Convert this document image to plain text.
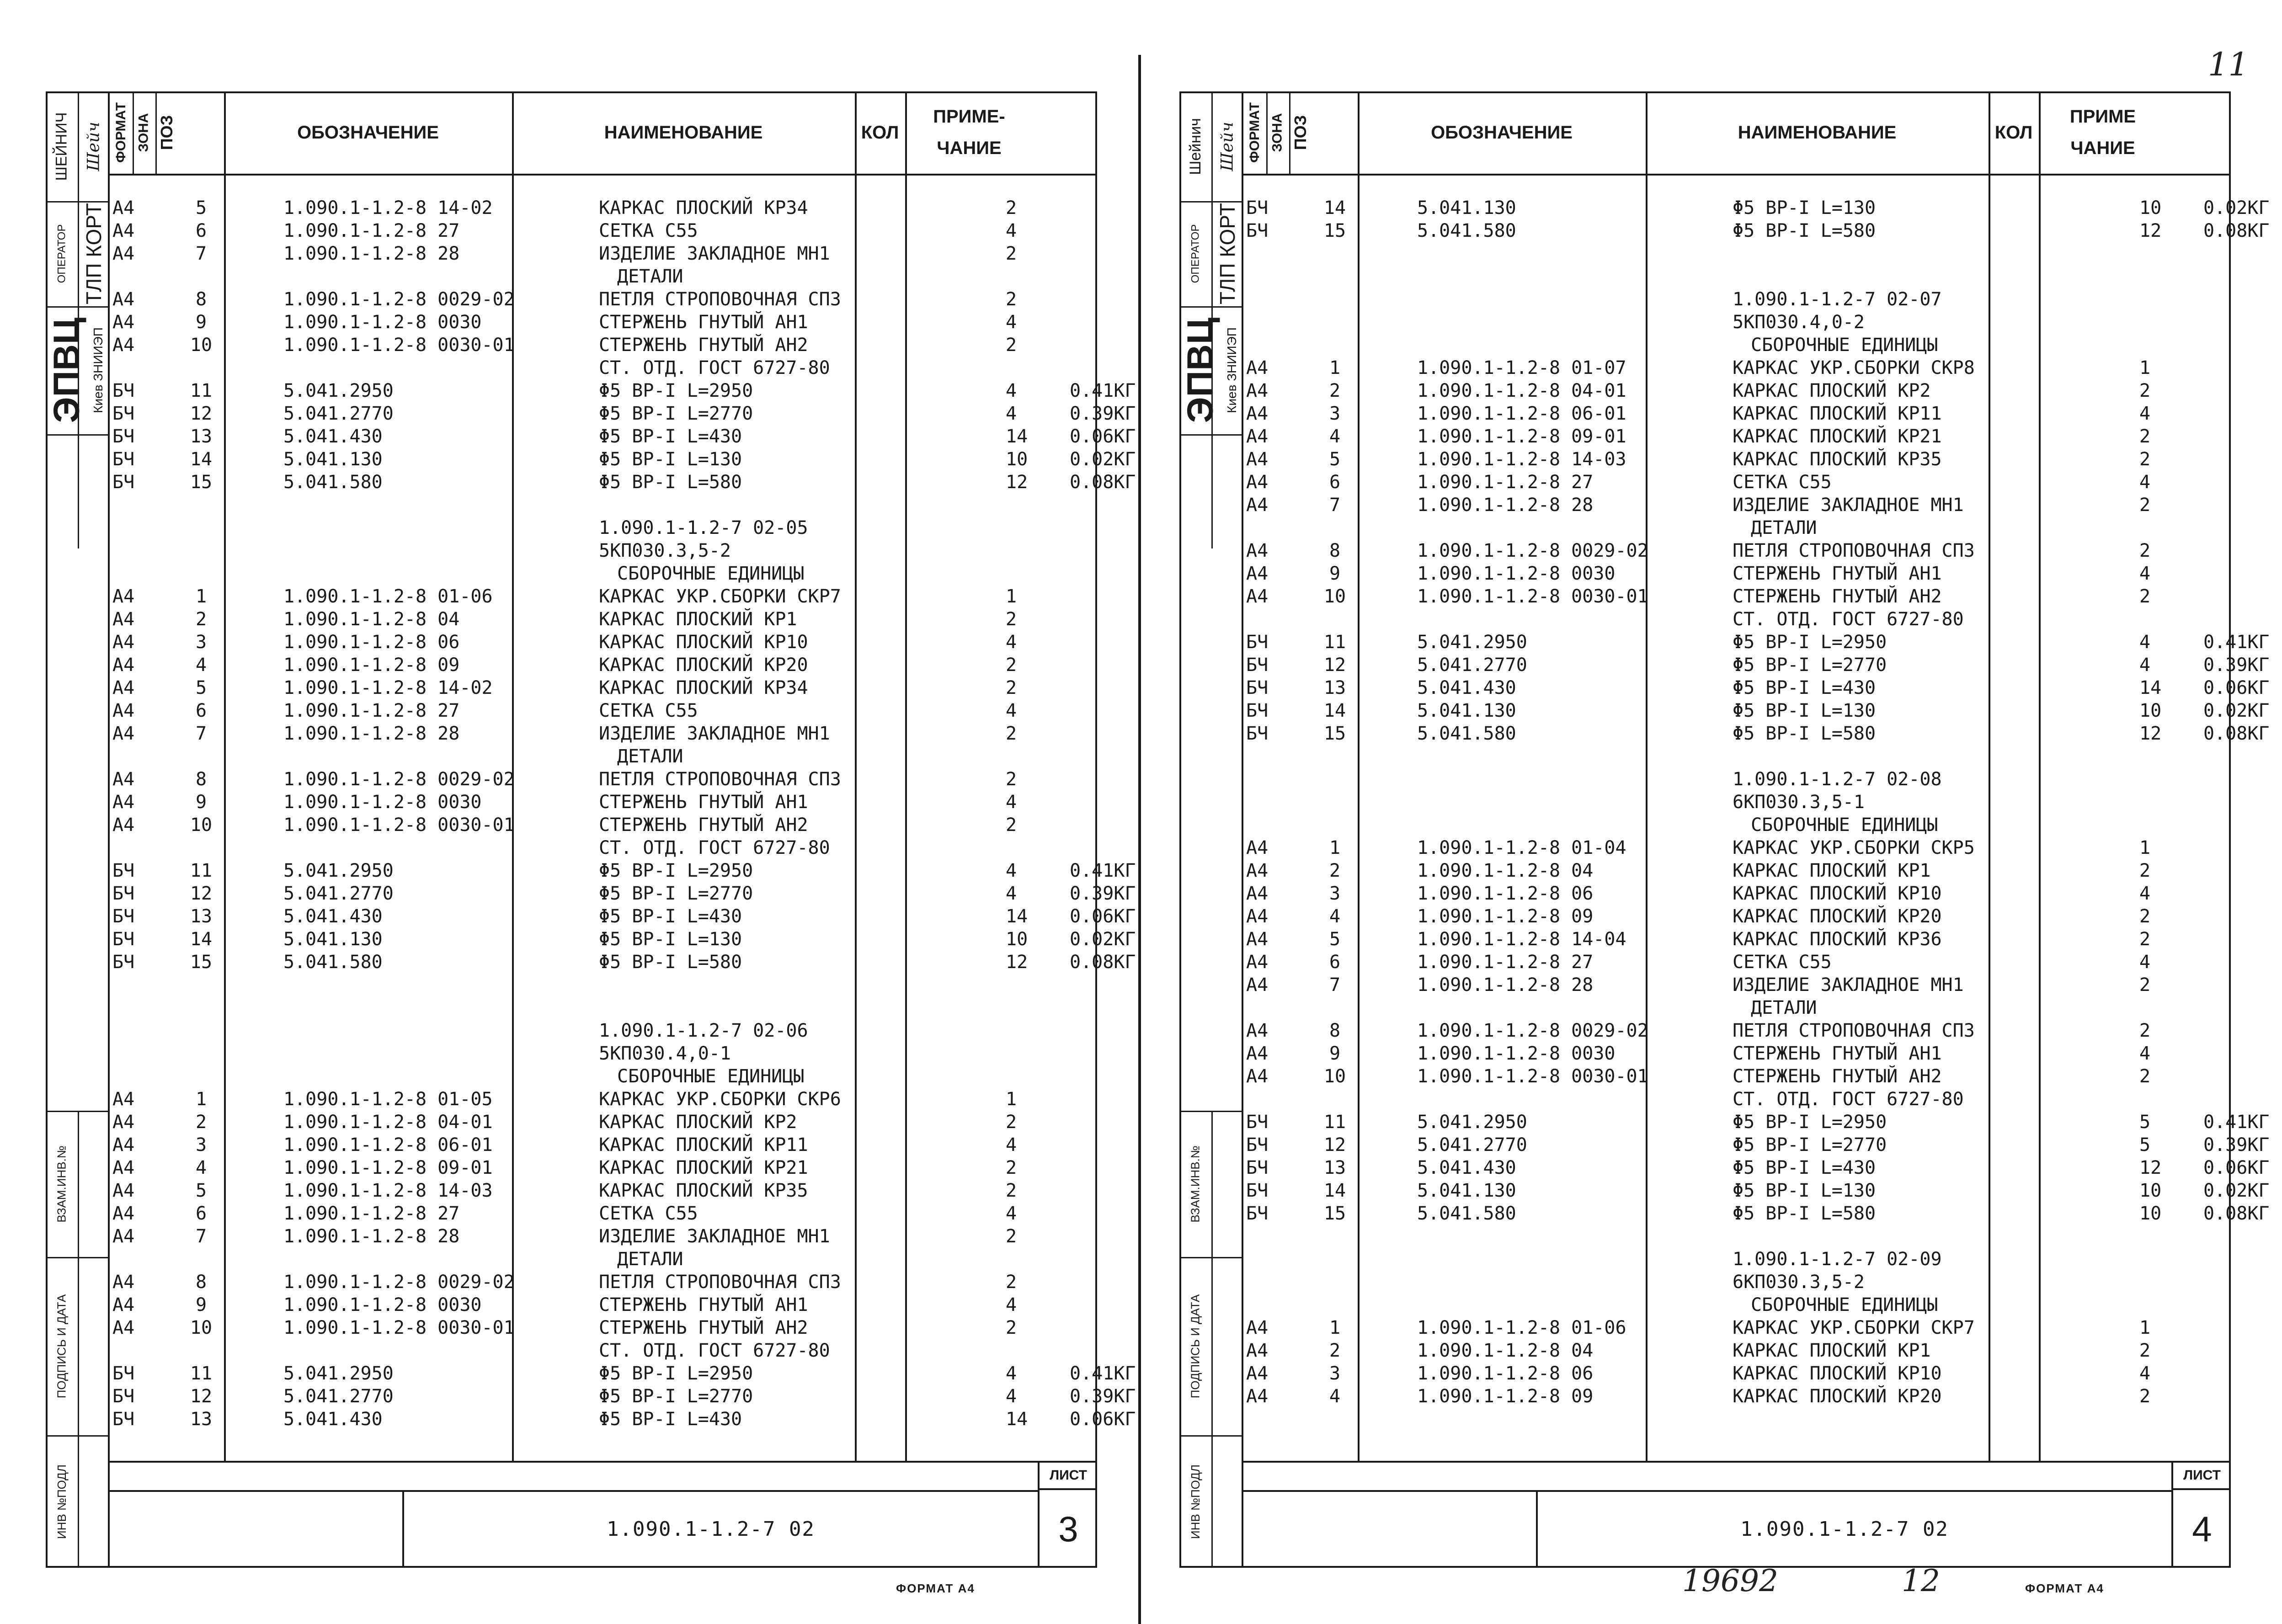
ШЕЙНИЧ Шейч
ОПЕРАТОР ТЛП КОРТ
ЭПВЦ Киев ЗНИИЭП
ВЗАМ.ИНВ.№
ПОДПИСЬ И ДАТА
ИНВ №ПОДЛ
ФОРМАТ ЗОНА ПОЗ	ОБОЗНАЧЕНИЕ	НАИМЕНОВАНИЕ	КОЛ
ПРИМЕ-
ЧАНИЕ
А4	5	1.090.1-1.2-8 14-02	КАРКАС ПЛОСКИЙ КР34	2
А4	6	1.090.1-1.2-8 27	СЕТКА С55	4
А4	7	1.090.1-1.2-8 28	ИЗДЕЛИЕ ЗАКЛАДНОЕ МН1	2
ДЕТАЛИ
А4	8	1.090.1-1.2-8 0029-02	ПЕТЛЯ СТРОПОВОЧНАЯ СП3	2
А4	9	1.090.1-1.2-8 0030	СТЕРЖЕНЬ ГНУТЫЙ АН1	4
А4	10	1.090.1-1.2-8 0030-01	СТЕРЖЕНЬ ГНУТЫЙ АН2	2
СТ. ОТД. ГОСТ 6727-80
БЧ	11	5.041.2950	Φ5 ВР-I L=2950	4	0.41КГ
БЧ	12	5.041.2770	Φ5 ВР-I L=2770	4	0.39КГ
БЧ	13	5.041.430	Φ5 ВР-I L=430	14 0.06КГ
БЧ	14	5.041.130	Φ5 ВР-I L=130	10 0.02КГ
БЧ	15	5.041.580	Φ5 ВР-I L=580	12 0.08КГ
1.090.1-1.2-7 02-05
5КП030.3,5-2
СБОРОЧНЫЕ ЕДИНИЦЫ
А4	1	1.090.1-1.2-8 01-06	КАРКАС УКР.СБОРКИ СКР7	1
А4	2	1.090.1-1.2-8 04	КАРКАС ПЛОСКИЙ КР1	2
А4	3	1.090.1-1.2-8 06	КАРКАС ПЛОСКИЙ КР10	4
А4	4	1.090.1-1.2-8 09	КАРКАС ПЛОСКИЙ КР20	2
А4	5	1.090.1-1.2-8 14-02	КАРКАС ПЛОСКИЙ КР34	2
А4	6	1.090.1-1.2-8 27	СЕТКА С55	4
А4	7	1.090.1-1.2-8 28	ИЗДЕЛИЕ ЗАКЛАДНОЕ МН1	2
ДЕТАЛИ
А4	8	1.090.1-1.2-8 0029-02	ПЕТЛЯ СТРОПОВОЧНАЯ СП3	2
А4	9	1.090.1-1.2-8 0030	СТЕРЖЕНЬ ГНУТЫЙ АН1	4
А4	10	1.090.1-1.2-8 0030-01	СТЕРЖЕНЬ ГНУТЫЙ АН2	2
СТ. ОТД. ГОСТ 6727-80
БЧ	11	5.041.2950	Φ5 ВР-I L=2950	4	0.41КГ
БЧ	12	5.041.2770	Φ5 ВР-I L=2770	4	0.39КГ
БЧ	13	5.041.430	Φ5 ВР-I L=430	14 0.06КГ
БЧ	14	5.041.130	Φ5 ВР-I L=130	10 0.02КГ
БЧ	15	5.041.580	Φ5 ВР-I L=580	12 0.08КГ
1.090.1-1.2-7 02-06
5КП030.4,0-1
СБОРОЧНЫЕ ЕДИНИЦЫ
А4	1	1.090.1-1.2-8 01-05	КАРКАС УКР.СБОРКИ СКР6	1
А4	2	1.090.1-1.2-8 04-01	КАРКАС ПЛОСКИЙ КР2	2
А4	3	1.090.1-1.2-8 06-01	КАРКАС ПЛОСКИЙ КР11	4
А4	4	1.090.1-1.2-8 09-01	КАРКАС ПЛОСКИЙ КР21	2
А4	5	1.090.1-1.2-8 14-03	КАРКАС ПЛОСКИЙ КР35	2
А4	6	1.090.1-1.2-8 27	СЕТКА С55	4
А4	7	1.090.1-1.2-8 28	ИЗДЕЛИЕ ЗАКЛАДНОЕ МН1	2
ДЕТАЛИ
А4	8	1.090.1-1.2-8 0029-02	ПЕТЛЯ СТРОПОВОЧНАЯ СП3	2
А4	9	1.090.1-1.2-8 0030	СТЕРЖЕНЬ ГНУТЫЙ АН1	4
А4	10	1.090.1-1.2-8 0030-01	СТЕРЖЕНЬ ГНУТЫЙ АН2	2
СТ. ОТД. ГОСТ 6727-80
БЧ	11	5.041.2950	Φ5 ВР-I L=2950	4	0.41КГ
БЧ	12	5.041.2770	Φ5 ВР-I L=2770	4	0.39КГ
БЧ	13	5.041.430	Φ5 ВР-I L=430	14 0.06КГ
1.090.1-1.2-7 02
ЛИСТ
3
ФОРМАТ А4
Шейнич Шейч
ОПЕРАТОР ТЛП КОРТ
ЭПВЦ Киев ЗНИИЭП
ВЗАМ.ИНВ.№
ПОДПИСЬ И ДАТА
ИНВ №ПОДЛ
ФОРМАТ ЗОНА ПОЗ	ОБОЗНАЧЕНИЕ	НАИМЕНОВАНИЕ	КОЛ
ПРИМЕ
ЧАНИЕ
БЧ	14	5.041.130	Φ5 ВР-I L=130	10 0.02КГ
БЧ	15	5.041.580	Φ5 ВР-I L=580	12 0.08КГ
1.090.1-1.2-7 02-07
5КП030.4,0-2
СБОРОЧНЫЕ ЕДИНИЦЫ
А4	1	1.090.1-1.2-8 01-07	КАРКАС УКР.СБОРКИ СКР8	1
А4	2	1.090.1-1.2-8 04-01	КАРКАС ПЛОСКИЙ КР2	2
А4	3	1.090.1-1.2-8 06-01	КАРКАС ПЛОСКИЙ КР11	4
А4	4	1.090.1-1.2-8 09-01	КАРКАС ПЛОСКИЙ КР21	2
А4	5	1.090.1-1.2-8 14-03	КАРКАС ПЛОСКИЙ КР35	2
А4	6	1.090.1-1.2-8 27	СЕТКА С55	4
А4	7	1.090.1-1.2-8 28	ИЗДЕЛИЕ ЗАКЛАДНОЕ МН1	2
ДЕТАЛИ
А4	8	1.090.1-1.2-8 0029-02	ПЕТЛЯ СТРОПОВОЧНАЯ СП3	2
А4	9	1.090.1-1.2-8 0030	СТЕРЖЕНЬ ГНУТЫЙ АН1	4
А4	10	1.090.1-1.2-8 0030-01	СТЕРЖЕНЬ ГНУТЫЙ АН2	2
СТ. ОТД. ГОСТ 6727-80
БЧ	11	5.041.2950	Φ5 ВР-I L=2950	4	0.41КГ
БЧ	12	5.041.2770	Φ5 ВР-I L=2770	4	0.39КГ
БЧ	13	5.041.430	Φ5 ВР-I L=430	14 0.06КГ
БЧ	14	5.041.130	Φ5 ВР-I L=130	10 0.02КГ
БЧ	15	5.041.580	Φ5 ВР-I L=580	12 0.08КГ
1.090.1-1.2-7 02-08
6КП030.3,5-1
СБОРОЧНЫЕ ЕДИНИЦЫ
А4	1	1.090.1-1.2-8 01-04	КАРКАС УКР.СБОРКИ СКР5	1
А4	2	1.090.1-1.2-8 04	КАРКАС ПЛОСКИЙ КР1	2
А4	3	1.090.1-1.2-8 06	КАРКАС ПЛОСКИЙ КР10	4
А4	4	1.090.1-1.2-8 09	КАРКАС ПЛОСКИЙ КР20	2
А4	5	1.090.1-1.2-8 14-04	КАРКАС ПЛОСКИЙ КР36	2
А4	6	1.090.1-1.2-8 27	СЕТКА С55	4
А4	7	1.090.1-1.2-8 28	ИЗДЕЛИЕ ЗАКЛАДНОЕ МН1	2
ДЕТАЛИ
А4	8	1.090.1-1.2-8 0029-02	ПЕТЛЯ СТРОПОВОЧНАЯ СП3	2
А4	9	1.090.1-1.2-8 0030	СТЕРЖЕНЬ ГНУТЫЙ АН1	4
А4	10	1.090.1-1.2-8 0030-01	СТЕРЖЕНЬ ГНУТЫЙ АН2	2
СТ. ОТД. ГОСТ 6727-80
БЧ	11	5.041.2950	Φ5 ВР-I L=2950	5	0.41КГ
БЧ	12	5.041.2770	Φ5 ВР-I L=2770	5	0.39КГ
БЧ	13	5.041.430	Φ5 ВР-I L=430	12 0.06КГ
БЧ	14	5.041.130	Φ5 ВР-I L=130	10 0.02КГ
БЧ	15	5.041.580	Φ5 ВР-I L=580	10 0.08КГ
1.090.1-1.2-7 02-09
6КП030.3,5-2
СБОРОЧНЫЕ ЕДИНИЦЫ
А4	1	1.090.1-1.2-8 01-06	КАРКАС УКР.СБОРКИ СКР7	1
А4	2	1.090.1-1.2-8 04	КАРКАС ПЛОСКИЙ КР1	2
А4	3	1.090.1-1.2-8 06	КАРКАС ПЛОСКИЙ КР10	4
А4	4	1.090.1-1.2-8 09	КАРКАС ПЛОСКИЙ КР20	2
1.090.1-1.2-7 02
ЛИСТ
4
ФОРМАТ А4
11
19692	12
